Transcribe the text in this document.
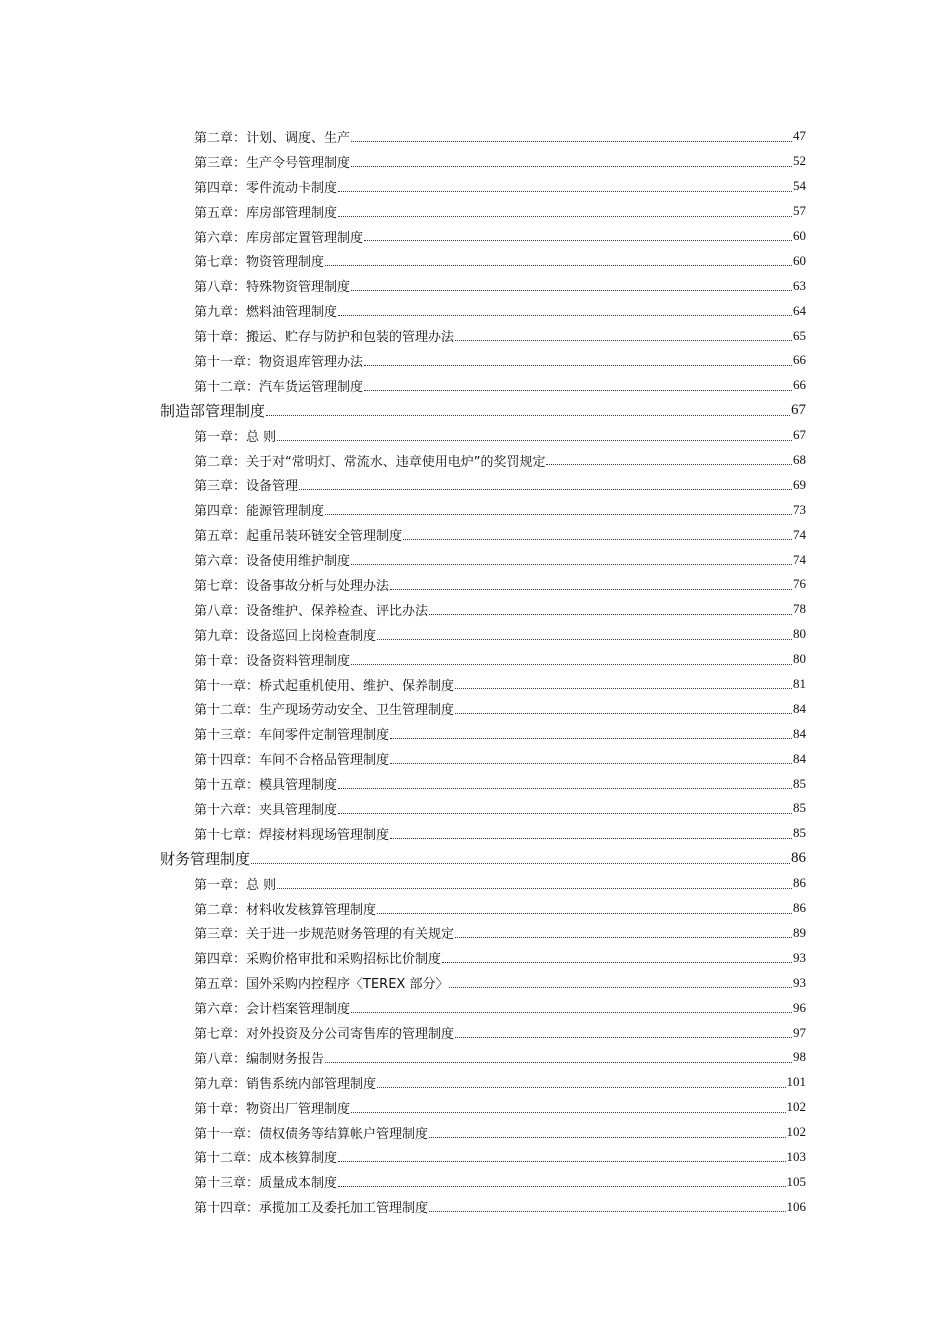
第二章：计划、调度、生产	47
第三章：生产令号管理制度	52
第四章：零件流动卡制度	54
第五章：库房部管理制度	57
第六章：库房部定置管理制度	60
第七章：物资管理制度	60
第八章：特殊物资管理制度	63
第九章：燃料油管理制度	64
第十章：搬运、贮存与防护和包装的管理办法	65
第十一章：物资退库管理办法	66
第十二章：汽车货运管理制度	66
制造部管理制度	67
第一章：总 则	67
第二章：关于对“常明灯、常流水、违章使用电炉”的奖罚规定	68
第三章：设备管理	69
第四章：能源管理制度	73
第五章：起重吊装环链安全管理制度	74
第六章：设备使用维护制度	74
第七章：设备事故分析与处理办法	76
第八章：设备维护、保养检查、评比办法	78
第九章：设备巡回上岗检查制度	80
第十章：设备资料管理制度	80
第十一章：桥式起重机使用、维护、保养制度	81
第十二章：生产现场劳动安全、卫生管理制度	84
第十三章：车间零件定制管理制度	84
第十四章：车间不合格品管理制度	84
第十五章：模具管理制度	85
第十六章：夹具管理制度	85
第十七章：焊接材料现场管理制度	85
财务管理制度	86
第一章：总 则	86
第二章：材料收发核算管理制度	86
第三章：关于进一步规范财务管理的有关规定	89
第四章：采购价格审批和采购招标比价制度	93
第五章：国外采购内控程序〈TEREX 部分〉	93
第六章：会计档案管理制度	96
第七章：对外投资及分公司寄售库的管理制度	97
第八章：编制财务报告	98
第九章：销售系统内部管理制度	101
第十章：物资出厂管理制度	102
第十一章：债权债务等结算帐户管理制度	102
第十二章：成本核算制度	103
第十三章：质量成本制度	105
第十四章：承揽加工及委托加工管理制度	106
